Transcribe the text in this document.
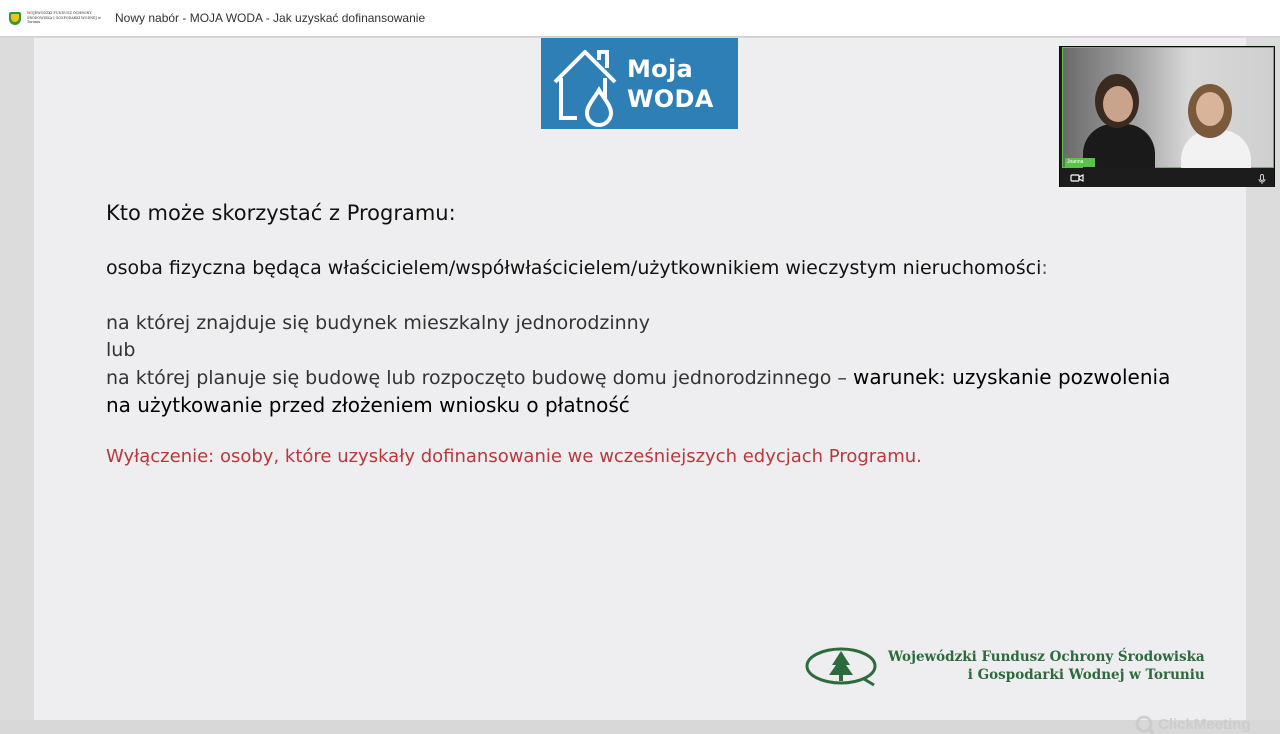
WOJEWÓDZKI FUNDUSZ OCHRONY ŚRODOWISKA I GOSPODARKI WODNEJ w Toruniu	Nowy nabór - MOJA WODA - Jak uzyskać dofinansowanie
Moja
WODA
Kto może skorzystać z Programu:
osoba fizyczna będąca właścicielem/współwłaścicielem/użytkownikiem wieczystym nieruchomości:
na której znajduje się budynek mieszkalny jednorodzinny
lub
na której planuje się budowę lub rozpoczęto budowę domu jednorodzinnego – warunek: uzyskanie pozwolenia na użytkowanie przed złożeniem wniosku o płatność
Wyłączenie: osoby, które uzyskały dofinansowanie we wcześniejszych edycjach Programu.
Wojewódzki Fundusz Ochrony Środowiska
i Gospodarki Wodnej w Toruniu
ClickMeeting
Joanna
